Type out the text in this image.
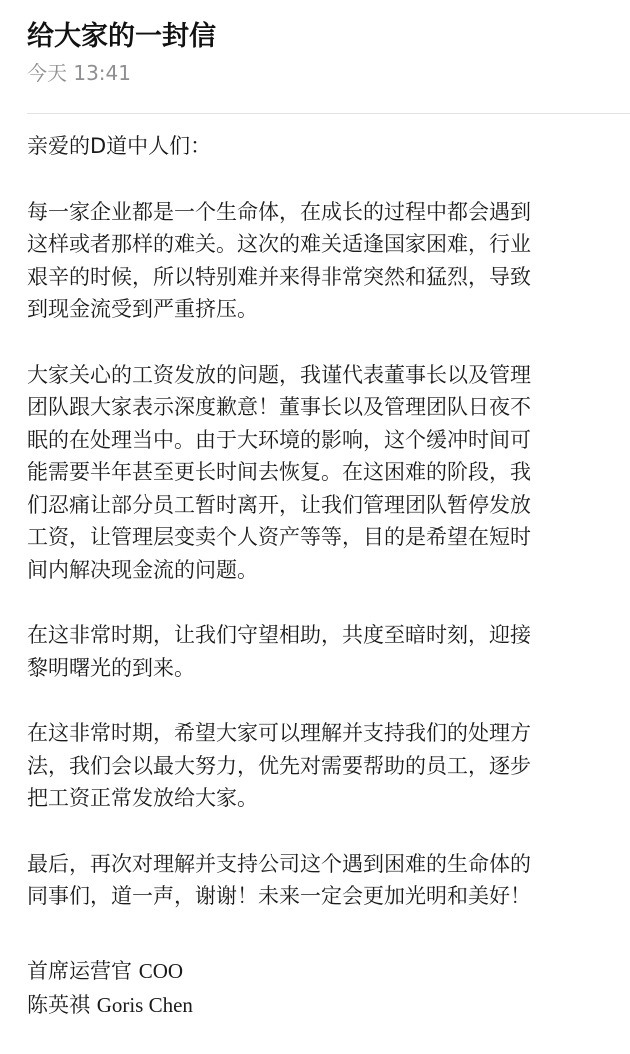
给大家的一封信
今天 13:41

亲爱的D道中人们：

每一家企业都是一个生命体，在成长的过程中都会遇到
这样或者那样的难关。这次的难关适逢国家困难，行业
艰辛的时候，所以特别难并来得非常突然和猛烈，导致
到现金流受到严重挤压。

大家关心的工资发放的问题，我谨代表董事长以及管理
团队跟大家表示深度歉意！董事长以及管理团队日夜不
眠的在处理当中。由于大环境的影响，这个缓冲时间可
能需要半年甚至更长时间去恢复。在这困难的阶段，我
们忍痛让部分员工暂时离开，让我们管理团队暂停发放
工资，让管理层变卖个人资产等等，目的是希望在短时
间内解决现金流的问题。

在这非常时期，让我们守望相助，共度至暗时刻，迎接
黎明曙光的到来。

在这非常时期，希望大家可以理解并支持我们的处理方
法，我们会以最大努力，优先对需要帮助的员工，逐步
把工资正常发放给大家。

最后，再次对理解并支持公司这个遇到困难的生命体的
同事们，道一声，谢谢！未来一定会更加光明和美好！

首席运营官 COO
陈英祺 Goris Chen
